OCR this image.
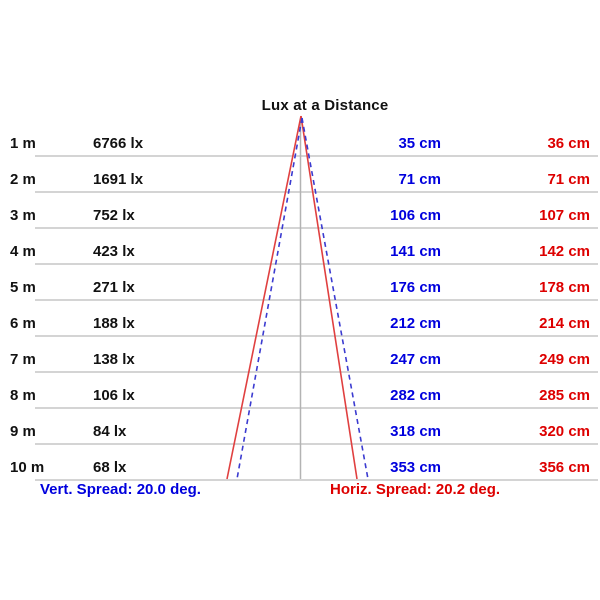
Lux at a Distance
1 m	6766 lx	35 cm	36 cm
2 m	1691 lx	71 cm	71 cm
3 m	752 lx	106 cm	107 cm
4 m	423 lx	141 cm	142 cm
5 m	271 lx	176 cm	178 cm
6 m	188 lx	212 cm	214 cm
7 m	138 lx	247 cm	249 cm
8 m	106 lx	282 cm	285 cm
9 m	84 lx	318 cm	320 cm
10 m	68 lx	353 cm	356 cm
Vert. Spread: 20.0 deg.	Horiz. Spread: 20.2 deg.
